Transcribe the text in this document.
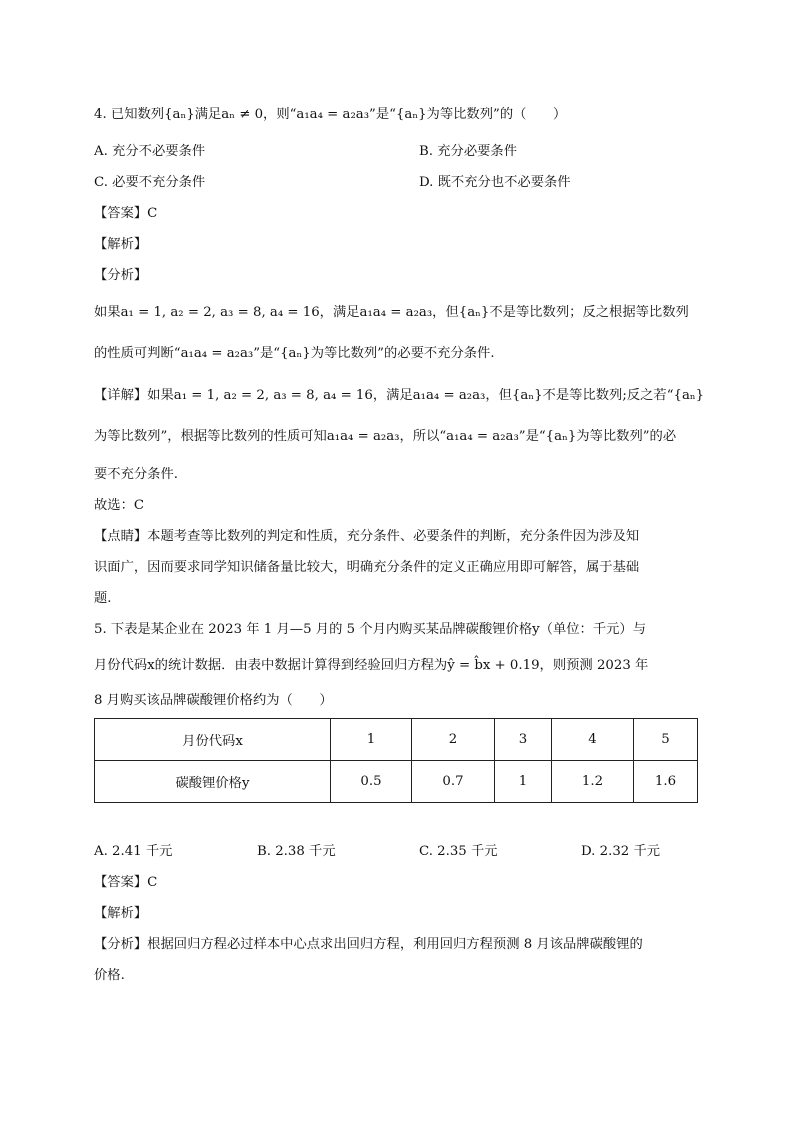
4. 已知数列{aₙ}满足aₙ ≠ 0，则“a₁a₄ = a₂a₃”是“{aₙ}为等比数列”的（　　）
A. 充分不必要条件	B. 充分必要条件
C. 必要不充分条件	D. 既不充分也不必要条件
【答案】C
【解析】
【分析】
如果a₁ = 1, a₂ = 2, a₃ = 8, a₄ = 16，满足a₁a₄ = a₂a₃，但{aₙ}不是等比数列；反之根据等比数列
的性质可判断“a₁a₄ = a₂a₃”是“{aₙ}为等比数列”的必要不充分条件.
【详解】如果a₁ = 1, a₂ = 2, a₃ = 8, a₄ = 16，满足a₁a₄ = a₂a₃，但{aₙ}不是等比数列;反之若“{aₙ}
为等比数列”，根据等比数列的性质可知a₁a₄ = a₂a₃，所以“a₁a₄ = a₂a₃”是“{aₙ}为等比数列”的必
要不充分条件.
故选：C
【点睛】本题考查等比数列的判定和性质，充分条件、必要条件的判断，充分条件因为涉及知
识面广，因而要求同学知识储备量比较大，明确充分条件的定义正确应用即可解答，属于基础
题.
5. 下表是某企业在 2023 年 1 月—5 月的 5 个月内购买某品牌碳酸锂价格y（单位：千元）与
月份代码x的统计数据．由表中数据计算得到经验回归方程为ŷ = b̂x + 0.19，则预测 2023 年
8 月购买该品牌碳酸锂价格约为（　　）
月份代码x	1	2	3	4	5
碳酸锂价格y	0.5	0.7	1	1.2	1.6
A. 2.41 千元	B. 2.38 千元	C. 2.35 千元	D. 2.32 千元
【答案】C
【解析】
【分析】根据回归方程必过样本中心点求出回归方程，利用回归方程预测 8 月该品牌碳酸锂的
价格.
